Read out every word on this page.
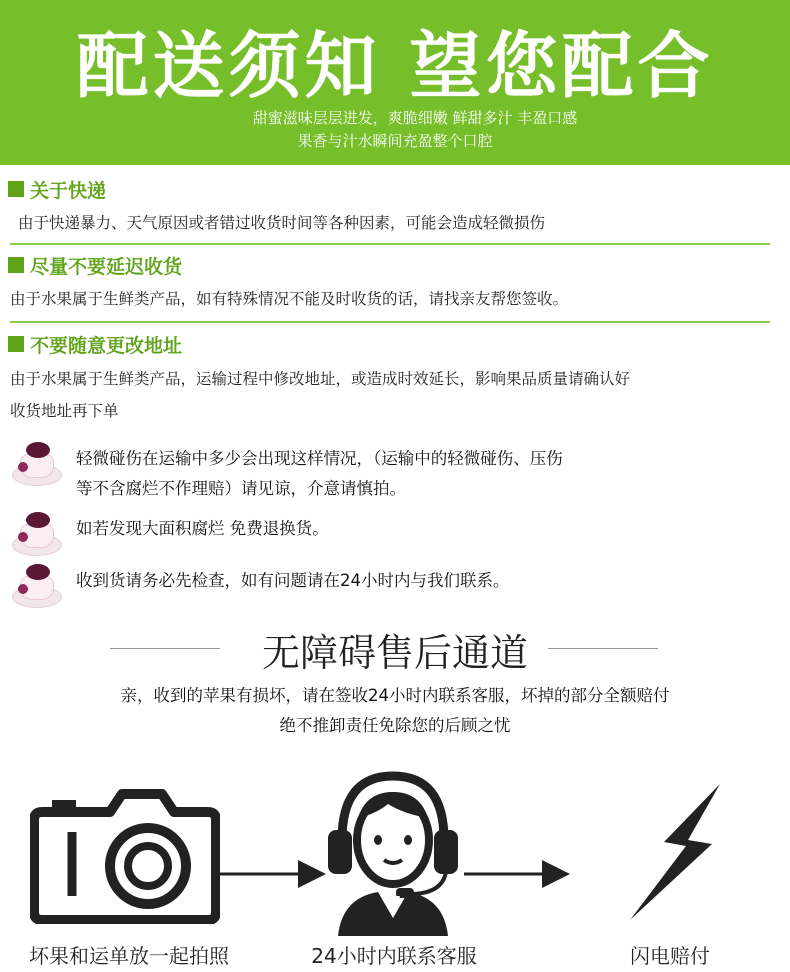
配送须知 望您配合
甜蜜滋味层层进发，爽脆细嫩 鲜甜多汁 丰盈口感
果香与汁水瞬间充盈整个口腔
关于快递
由于快递暴力、天气原因或者错过收货时间等各种因素，可能会造成轻微损伤
尽量不要延迟收货
由于水果属于生鲜类产品，如有特殊情况不能及时收货的话，请找亲友帮您签收。
不要随意更改地址
由于水果属于生鲜类产品，运输过程中修改地址，或造成时效延长，影响果品质量请确认好
收货地址再下单
轻微碰伤在运输中多少会出现这样情况，（运输中的轻微碰伤、压伤
等不含腐烂不作理赔）请见谅，介意请慎拍。
如若发现大面积腐烂 免费退换货。
收到货请务必先检查，如有问题请在24小时内与我们联系。
无障碍售后通道
亲，收到的苹果有损坏，请在签收24小时内联系客服，坏掉的部分全额赔付
绝不推卸责任免除您的后顾之忧
坏果和运单放一起拍照	24小时内联系客服	闪电赔付
